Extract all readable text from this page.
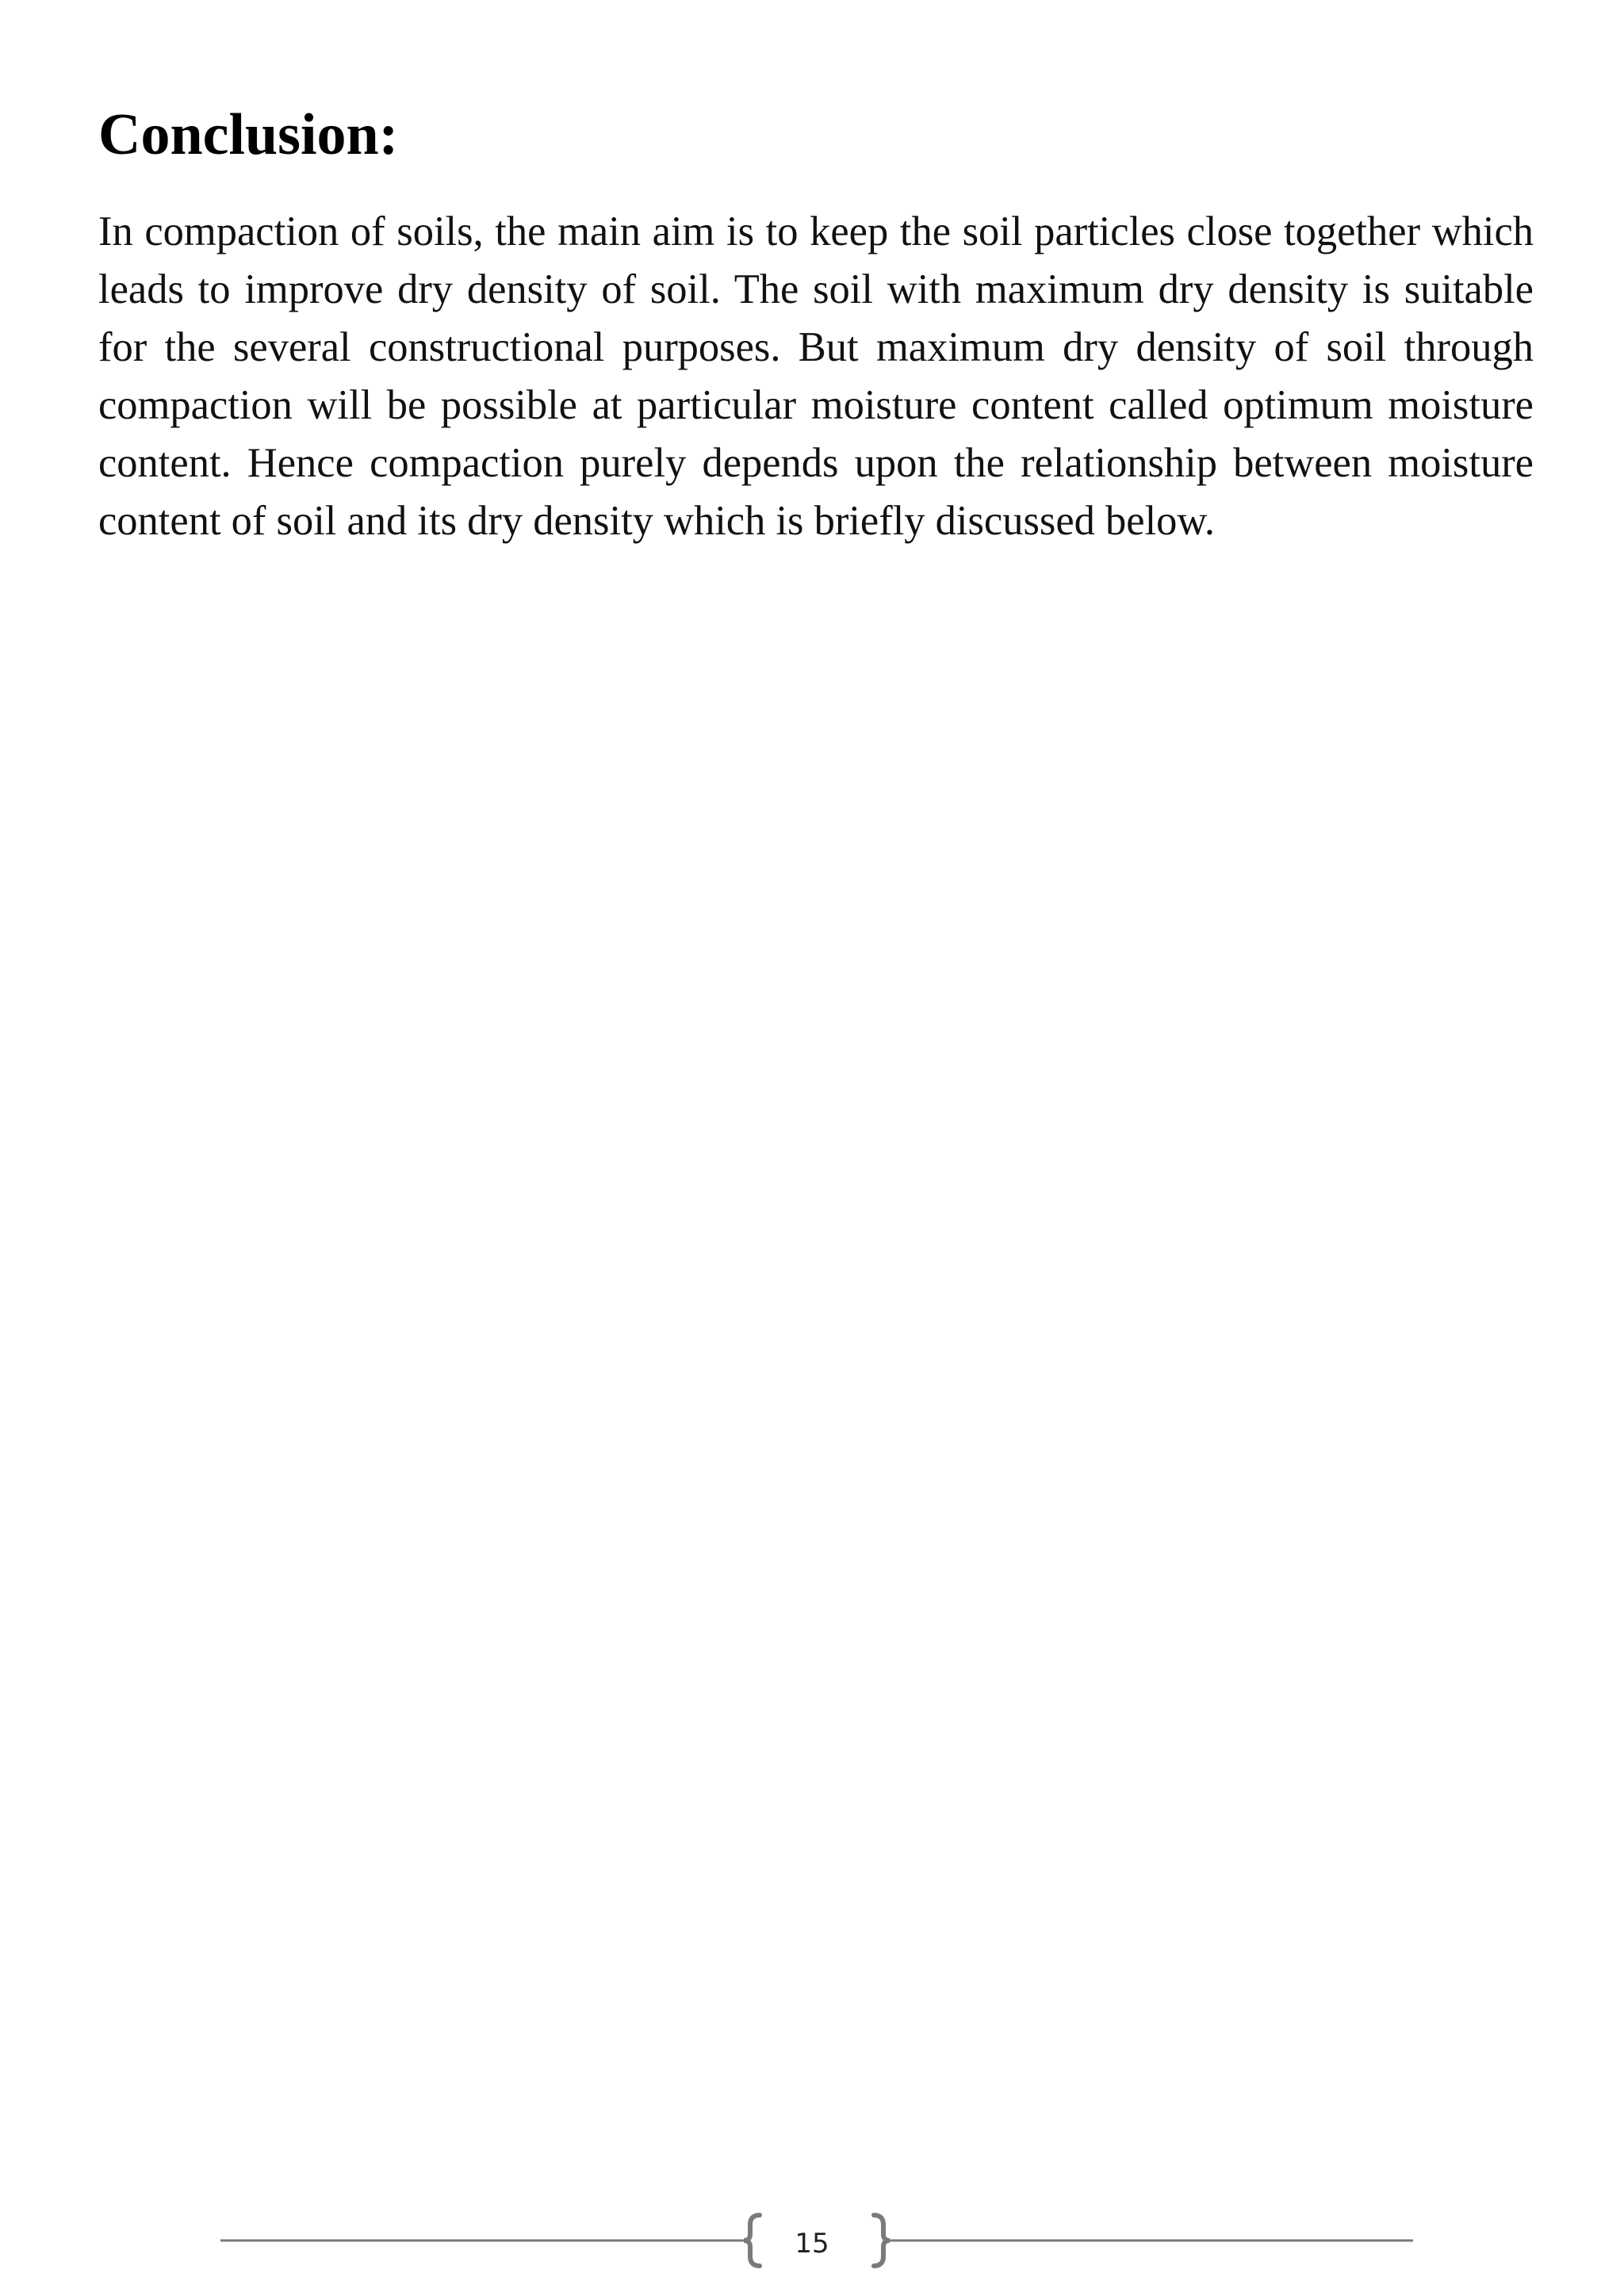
Conclusion:

In compaction of soils, the main aim is to keep the soil particles close together which leads to improve dry density of soil. The soil with maximum dry density is suitable for the several constructional purposes. But maximum dry density of soil through compaction will be possible at particular moisture content called optimum moisture content. Hence compaction purely depends upon the relationship between moisture content of soil and its dry density which is briefly discussed below.

15
